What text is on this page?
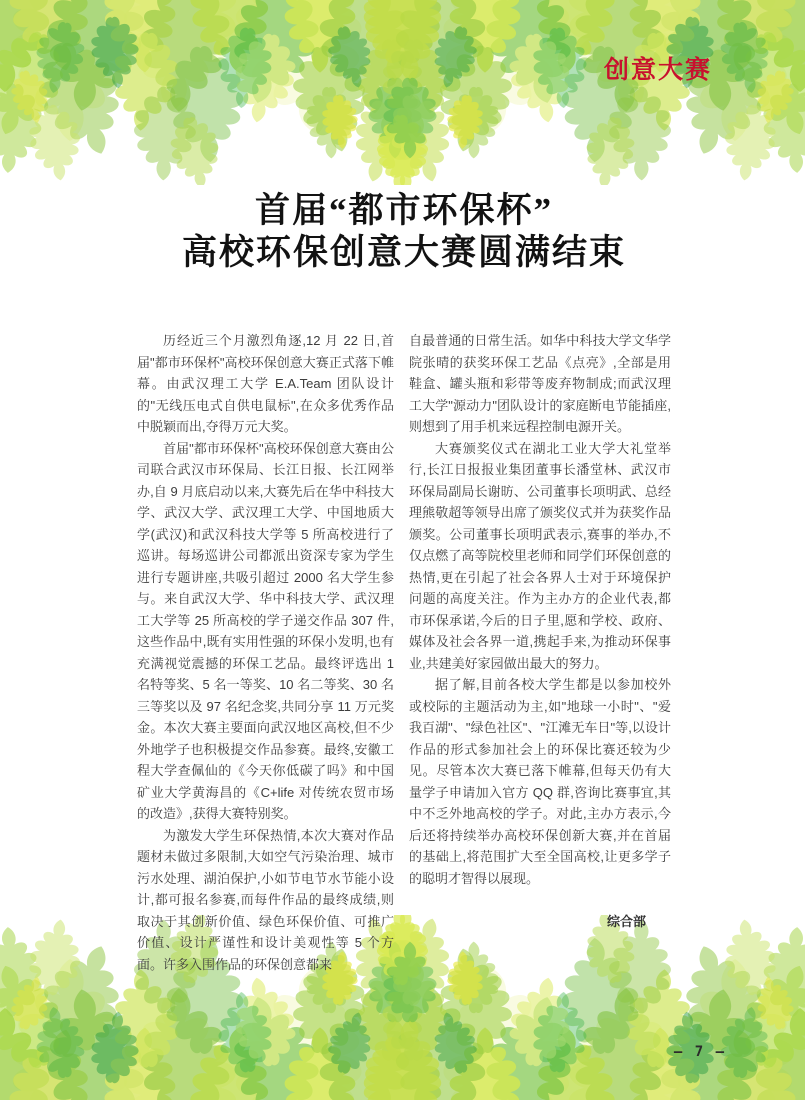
创意大赛
首届“都市环保杯”
高校环保创意大赛圆满结束

历经近三个月激烈角逐,12 月 22 日,首届"都市环保杯"高校环保创意大赛正式落下帷幕。由武汉理工大学 E.A.Team 团队设计的"无线压电式自供电鼠标",在众多优秀作品中脱颖而出,夺得万元大奖。

首届"都市环保杯"高校环保创意大赛由公司联合武汉市环保局、长江日报、长江网举办,自 9 月底启动以来,大赛先后在华中科技大学、武汉大学、武汉理工大学、中国地质大学(武汉)和武汉科技大学等 5 所高校进行了巡讲。每场巡讲公司都派出资深专家为学生进行专题讲座,共吸引超过 2000 名大学生参与。来自武汉大学、华中科技大学、武汉理工大学等 25 所高校的学子递交作品 307 件,这些作品中,既有实用性强的环保小发明,也有充满视觉震撼的环保工艺品。最终评选出 1 名特等奖、5 名一等奖、10 名二等奖、30 名三等奖以及 97 名纪念奖,共同分享 11 万元奖金。本次大赛主要面向武汉地区高校,但不少外地学子也积极提交作品参赛。最终,安徽工程大学查佩仙的《今天你低碳了吗》和中国矿业大学黄海昌的《C+life 对传统农贸市场的改造》,获得大赛特别奖。

为激发大学生环保热情,本次大赛对作品题材未做过多限制,大如空气污染治理、城市污水处理、湖泊保护,小如节电节水节能小设计,都可报名参赛,而每件作品的最终成绩,则取决于其创新价值、绿色环保价值、可推广价值、设计严谨性和设计美观性等 5 个方面。许多入围作品的环保创意都来

自最普通的日常生活。如华中科技大学文华学院张晴的获奖环保工艺品《点亮》,全部是用鞋盒、罐头瓶和彩带等废弃物制成;而武汉理工大学"源动力"团队设计的家庭断电节能插座,则想到了用手机来远程控制电源开关。

大赛颁奖仪式在湖北工业大学大礼堂举行,长江日报报业集团董事长潘堂林、武汉市环保局副局长谢昉、公司董事长项明武、总经理熊敬超等领导出席了颁奖仪式并为获奖作品颁奖。公司董事长项明武表示,赛事的举办,不仅点燃了高等院校里老师和同学们环保创意的热情,更在引起了社会各界人士对于环境保护问题的高度关注。作为主办方的企业代表,都市环保承诺,今后的日子里,愿和学校、政府、媒体及社会各界一道,携起手来,为推动环保事业,共建美好家园做出最大的努力。

据了解,目前各校大学生都是以参加校外或校际的主题活动为主,如"地球一小时"、"爱我百湖"、"绿色社区"、"江滩无车日"等,以设计作品的形式参加社会上的环保比赛还较为少见。尽管本次大赛已落下帷幕,但每天仍有大量学子申请加入官方 QQ 群,咨询比赛事宜,其中不乏外地高校的学子。对此,主办方表示,今后还将持续举办高校环保创新大赛,并在首届的基础上,将范围扩大至全国高校,让更多学子的聪明才智得以展现。

综合部

– 7 –
